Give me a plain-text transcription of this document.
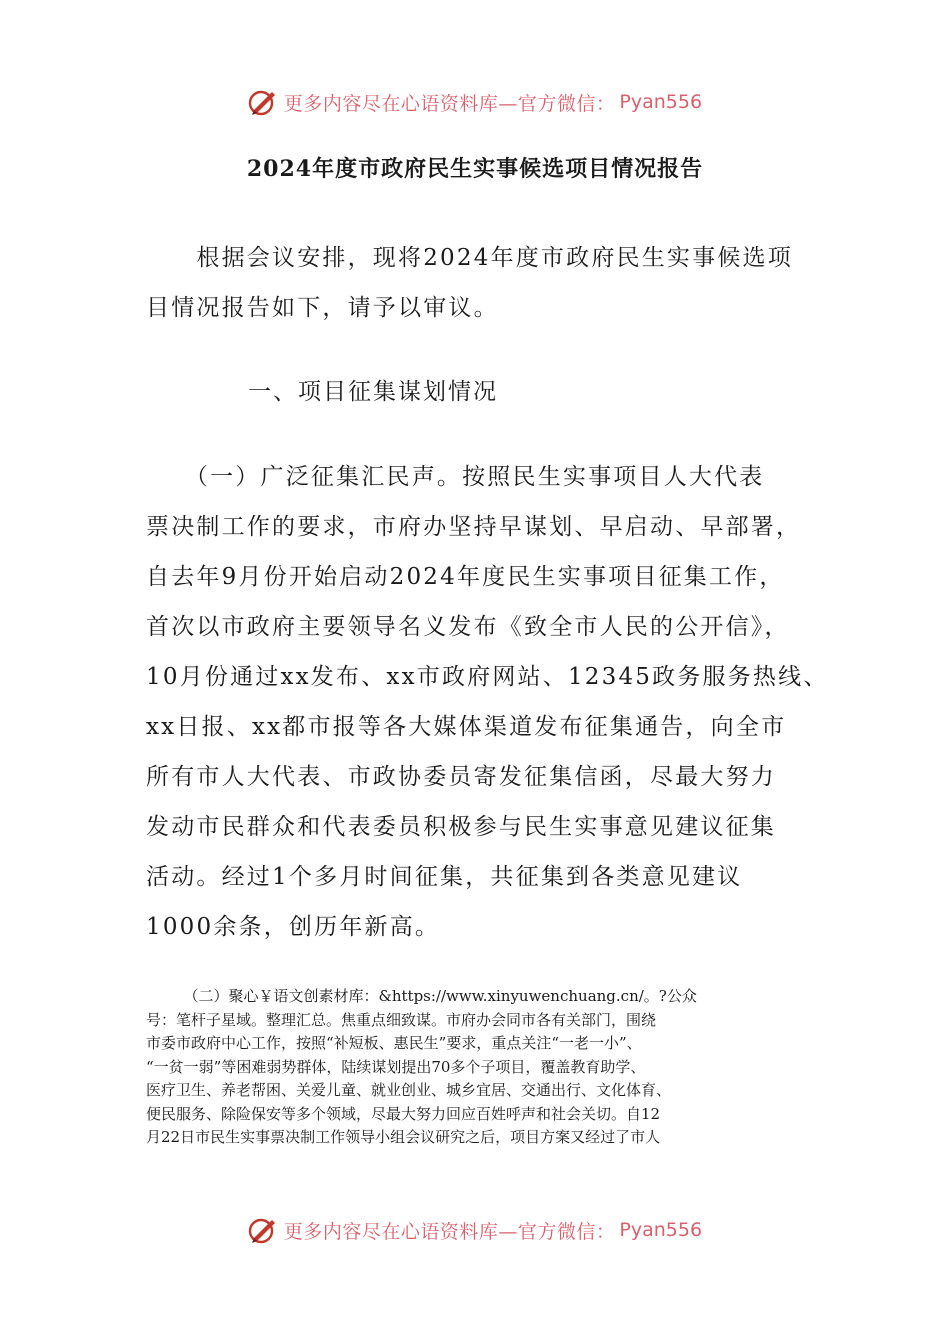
更多内容尽在心语资料库—官方微信： Pyan556
2024年度市政府民生实事候选项目情况报告
　　根据会议安排，现将2024年度市政府民生实事候选项
目情况报告如下，请予以审议。

　　一、项目征集谋划情况

　　（一）广泛征集汇民声。按照民生实事项目人大代表
票决制工作的要求，市府办坚持早谋划、早启动、早部署，
自去年9月份开始启动2024年度民生实事项目征集工作，
首次以市政府主要领导名义发布《致全市人民的公开信》，
10月份通过xx发布、xx市政府网站、12345政务服务热线、
xx日报、xx都市报等各大媒体渠道发布征集通告，向全市
所有市人大代表、市政协委员寄发征集信函，尽最大努力
发动市民群众和代表委员积极参与民生实事意见建议征集
活动。经过1个多月时间征集，共征集到各类意见建议
1000余条，创历年新高。
　　　（二）聚心￥语文创素材库：&https://www.xinyuwenchuang.cn/。?公众
号：笔杆子星域。整理汇总。焦重点细致谋。市府办会同市各有关部门，围绕
市委市政府中心工作，按照“补短板、惠民生”要求，重点关注“一老一小”、
“一贫一弱”等困难弱势群体，陆续谋划提出70多个子项目，覆盖教育助学、
医疗卫生、养老帮困、关爱儿童、就业创业、城乡宜居、交通出行、文化体育、
便民服务、除险保安等多个领域，尽最大努力回应百姓呼声和社会关切。自12
月22日市民生实事票决制工作领导小组会议研究之后，项目方案又经过了市人
更多内容尽在心语资料库—官方微信： Pyan556
